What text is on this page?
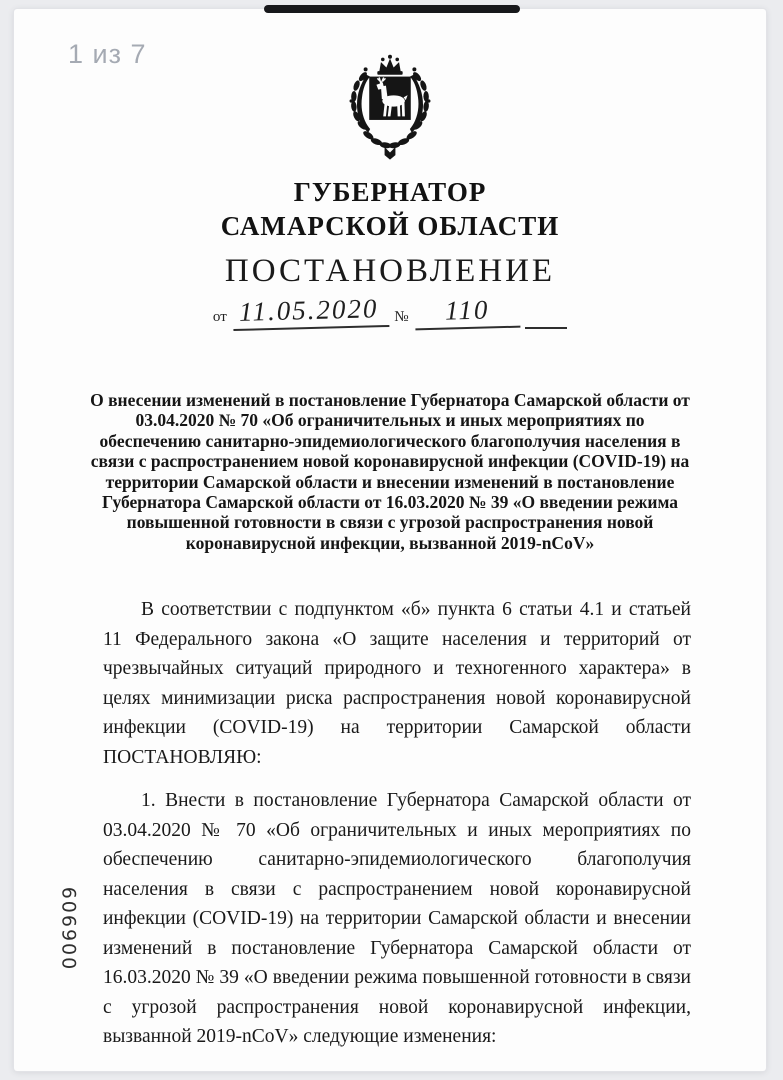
1 из 7
ГУБЕРНАТОР
САМАРСКОЙ ОБЛАСТИ
ПОСТАНОВЛЕНИЕ
от 11.05.2020	№	110
О внесении изменений в постановление Губернатора Самарской области от 03.04.2020 № 70 «Об ограничительных и иных мероприятиях по обеспечению санитарно-эпидемиологического благополучия населения в связи с распространением новой коронавирусной инфекции (COVID-19) на территории Самарской области и внесении изменений в постановление Губернатора Самарской области от 16.03.2020 № 39 «О введении режима повышенной готовности в связи с угрозой распространения новой коронавирусной инфекции, вызванной 2019-nCoV»

В соответствии с подпунктом «б» пункта 6 статьи 4.1 и статьей 11 Федерального закона «О защите населения и территорий от чрезвычайных ситуаций природного и техногенного характера» в целях минимизации риска распространения новой коронавирусной инфекции (COVID-19) на территории Самарской области ПОСТАНОВЛЯЮ:

1. Внести в постановление Губернатора Самарской области от 03.04.2020 № 70 «Об ограничительных и иных мероприятиях по обеспечению санитарно-эпидемиологического благополучия населения в связи с распространением новой коронавирусной инфекции (COVID-19) на территории Самарской области и внесении изменений в постановление Губернатора Самарской области от 16.03.2020 № 39 «О введении режима повышенной готовности в связи с угрозой распространения новой коронавирусной инфекции, вызванной 2019-nCoV» следующие изменения:

006909
